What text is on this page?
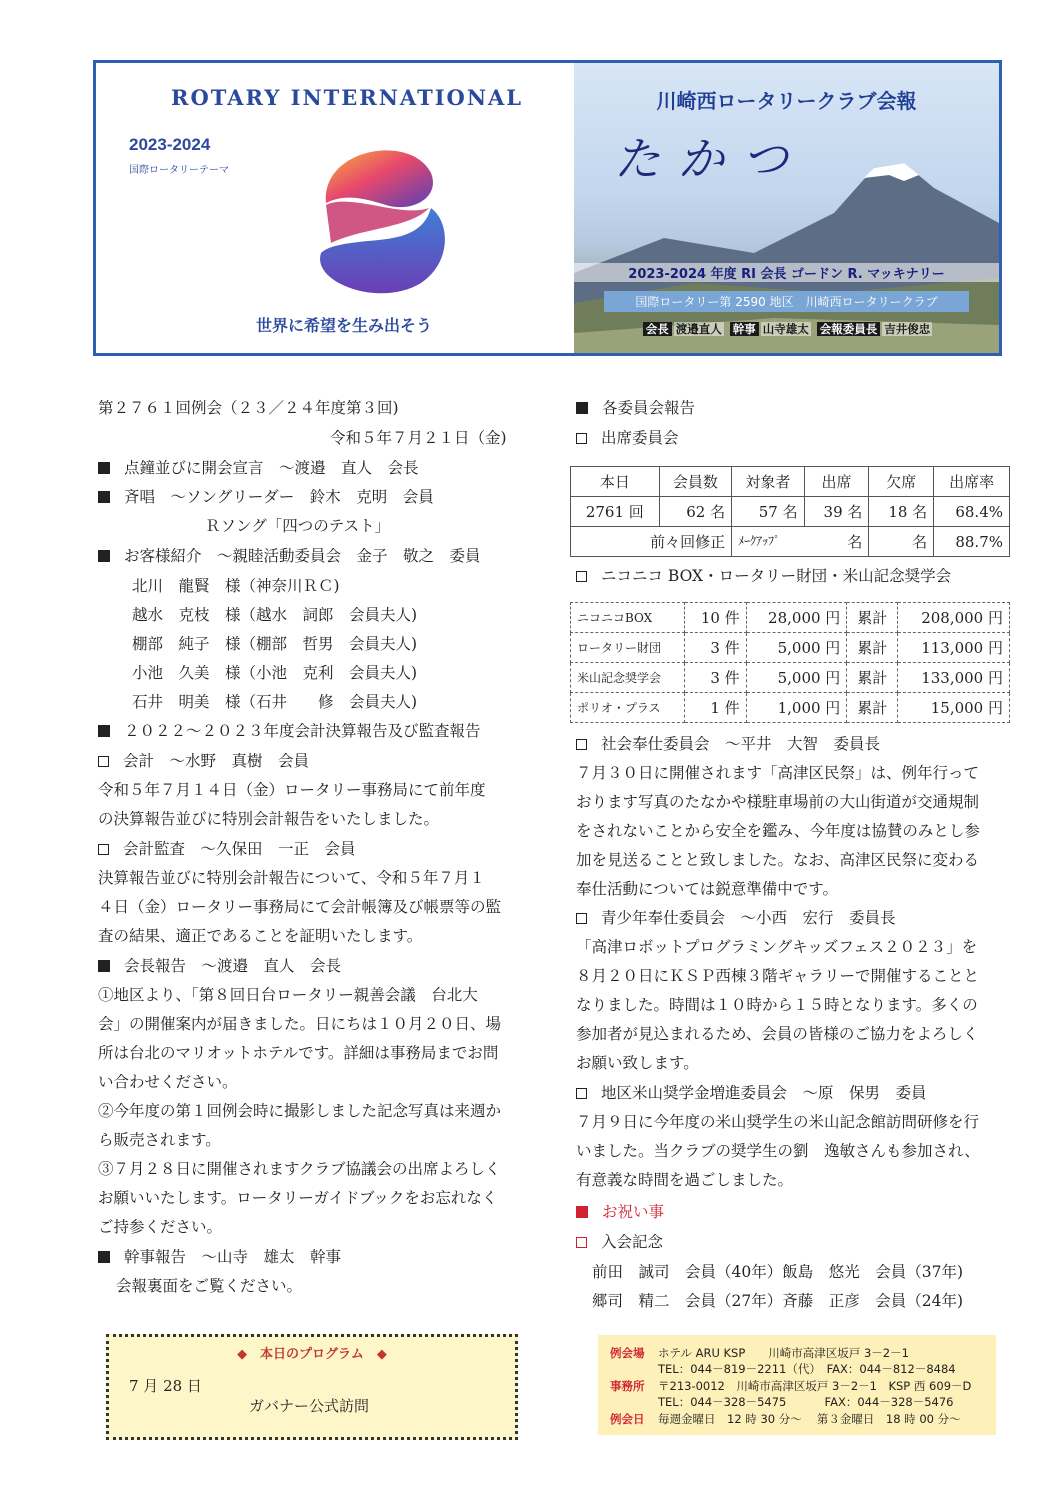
ROTARY INTERNATIONAL
2023-2024
国際ロータリーテーマ
世界に希望を生み出そう
川崎西ロータリークラブ会報
たかつ
2023-2024 年度 RI 会長 ゴードン R. マッキナリー
国際ロータリー第 2590 地区　川崎西ロータリークラブ
会長 渡邉直人 幹事 山寺雄太 会報委員長 吉井俊忠
第２７６１回例会（２３／２４年度第３回)
令和５年７月２１日（金)
点鐘並びに開会宣言　～渡邉　直人　会長
斉唱　～ソングリーダー　鈴木　克明　会員
Ｒソング「四つのテスト」
お客様紹介　～親睦活動委員会　金子　敬之　委員
北川　龍賢　様（神奈川ＲＣ)
越水　克枝　様（越水　詞郎　会員夫人)
棚部　純子　様（棚部　哲男　会員夫人)
小池　久美　様（小池　克利　会員夫人)
石井　明美　様（石井　　修　会員夫人)
２０２２～２０２３年度会計決算報告及び監査報告
会計　～水野　真樹　会員
令和５年７月１４日（金）ロータリー事務局にて前年度
の決算報告並びに特別会計報告をいたしました。
会計監査　～久保田　一正　会員
決算報告並びに特別会計報告について、令和５年７月１
４日（金）ロータリー事務局にて会計帳簿及び帳票等の監
査の結果、適正であることを証明いたします。
会長報告　～渡邉　直人　会長
①地区より、｢第８回日台ロータリー親善会議　台北大
会」の開催案内が届きました。日にちは１０月２０日、場
所は台北のマリオットホテルです。詳細は事務局までお問
い合わせください。
②今年度の第１回例会時に撮影しました記念写真は来週か
ら販売されます。
③７月２８日に開催されますクラブ協議会の出席よろしく
お願いいたします。ロータリーガイドブックをお忘れなく
ご持参ください。
幹事報告　～山寺　雄太　幹事
会報裏面をご覧ください。
◆　本日のプログラム　◆
7 月 28 日
ガバナー公式訪問
各委員会報告
出席委員会
本日	会員数	対象者	出席	欠席	出席率
2761 回	62 名	57 名	39 名	18 名	68.4%
前々回修正		ﾒｰｸｱｯﾌﾟ 名		名	88.7%
ニコニコ BOX・ロータリー財団・米山記念奨学会
ニコニコBOX	10 件	28,000 円	累計	208,000 円
ロータリー財団	3 件	5,000 円	累計	113,000 円
米山記念奨学会	3 件	5,000 円	累計	133,000 円
ポリオ・プラス	1 件	1,000 円	累計	15,000 円
社会奉仕委員会　～平井　大智　委員長
７月３０日に開催されます「高津区民祭」は、例年行って
おります写真のたなかや様駐車場前の大山街道が交通規制
をされないことから安全を鑑み、今年度は協賛のみとし参
加を見送ることと致しました。なお、高津区民祭に変わる
奉仕活動については鋭意準備中です。
青少年奉仕委員会　～小西　宏行　委員長
「高津ロボットプログラミングキッズフェス２０２３」を
８月２０日にＫＳＰ西棟３階ギャラリーで開催することと
なりました。時間は１０時から１５時となります。多くの
参加者が見込まれるため、会員の皆様のご協力をよろしく
お願い致します。
地区米山奨学金増進委員会　～原　保男　委員
７月９日に今年度の米山奨学生の米山記念館訪問研修を行
いました。当クラブの奨学生の劉　逸敏さんも参加され、
有意義な時間を過ごしました。
お祝い事
入会記念
前田　誠司　会員（40年）飯島　悠光　会員（37年)
郷司　精二　会員（27年）斉藤　正彦　会員（24年)
例会場 ホテル ARU KSP　　川崎市高津区坂戸 3－2－1
TEL：044－819－2211（代）　FAX：044－812－8484
事務所 〒213-0012　川崎市高津区坂戸 3－2－1　KSP 西 609－D
TEL：044－328－5475　　　 FAX：044－328－5476
例会日 毎週金曜日　12 時 30 分～　 第３金曜日　18 時 00 分～
